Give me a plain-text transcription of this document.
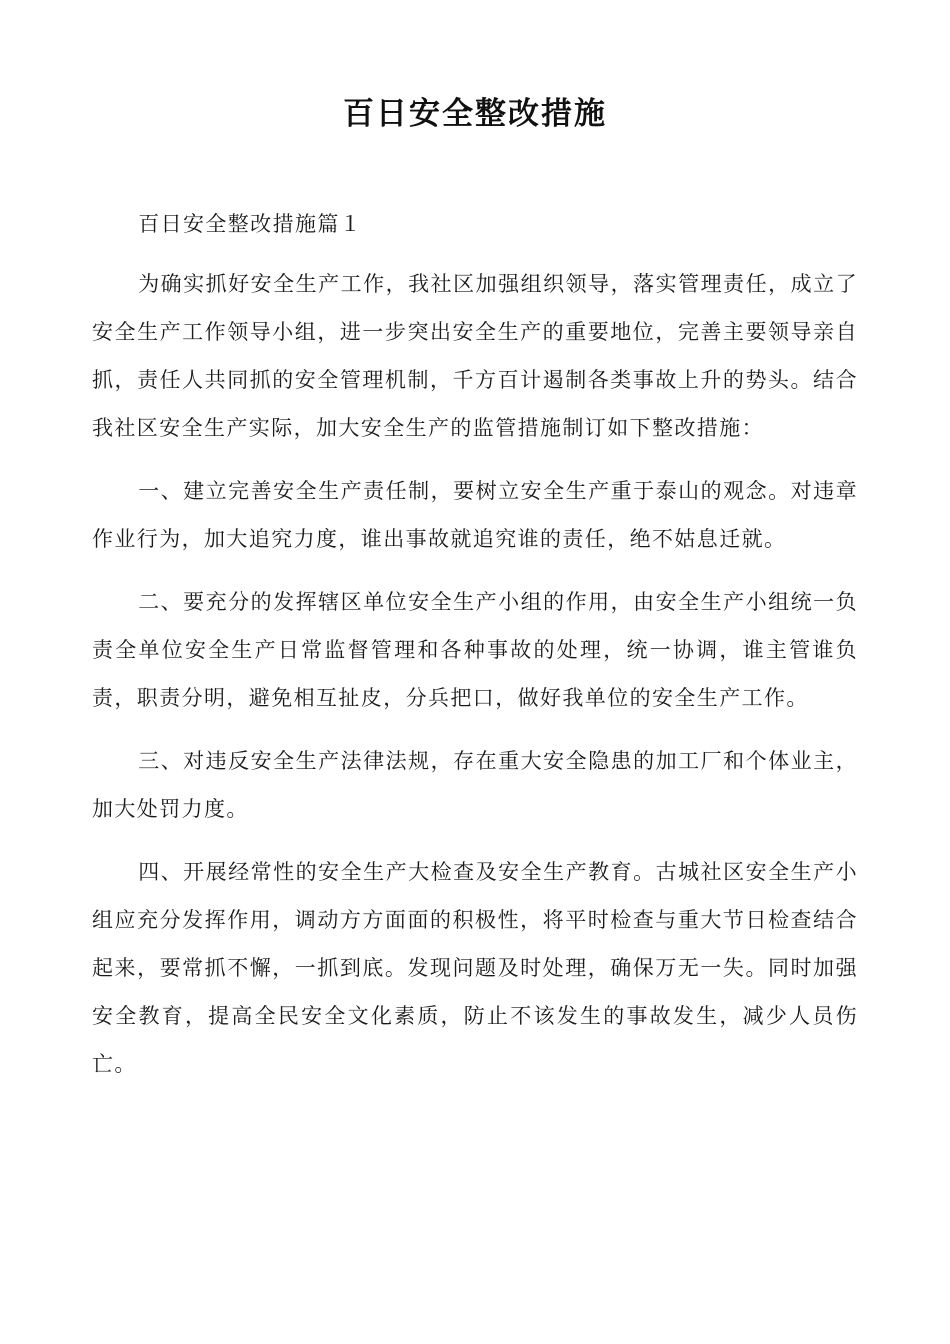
百日安全整改措施

百日安全整改措施篇１

为确实抓好安全生产工作，我社区加强组织领导，落实管理责任，成立了安全生产工作领导小组，进一步突出安全生产的重要地位，完善主要领导亲自抓，责任人共同抓的安全管理机制，千方百计遏制各类事故上升的势头。结合我社区安全生产实际，加大安全生产的监管措施制订如下整改措施：

一、建立完善安全生产责任制，要树立安全生产重于泰山的观念。对违章作业行为，加大追究力度，谁出事故就追究谁的责任，绝不姑息迁就。

二、要充分的发挥辖区单位安全生产小组的作用，由安全生产小组统一负责全单位安全生产日常监督管理和各种事故的处理，统一协调，谁主管谁负责，职责分明，避免相互扯皮，分兵把口，做好我单位的安全生产工作。

三、对违反安全生产法律法规，存在重大安全隐患的加工厂和个体业主，加大处罚力度。

四、开展经常性的安全生产大检查及安全生产教育。古城社区安全生产小组应充分发挥作用，调动方方面面的积极性，将平时检查与重大节日检查结合起来，要常抓不懈，一抓到底。发现问题及时处理，确保万无一失。同时加强安全教育，提高全民安全文化素质，防止不该发生的事故发生，减少人员伤亡。
